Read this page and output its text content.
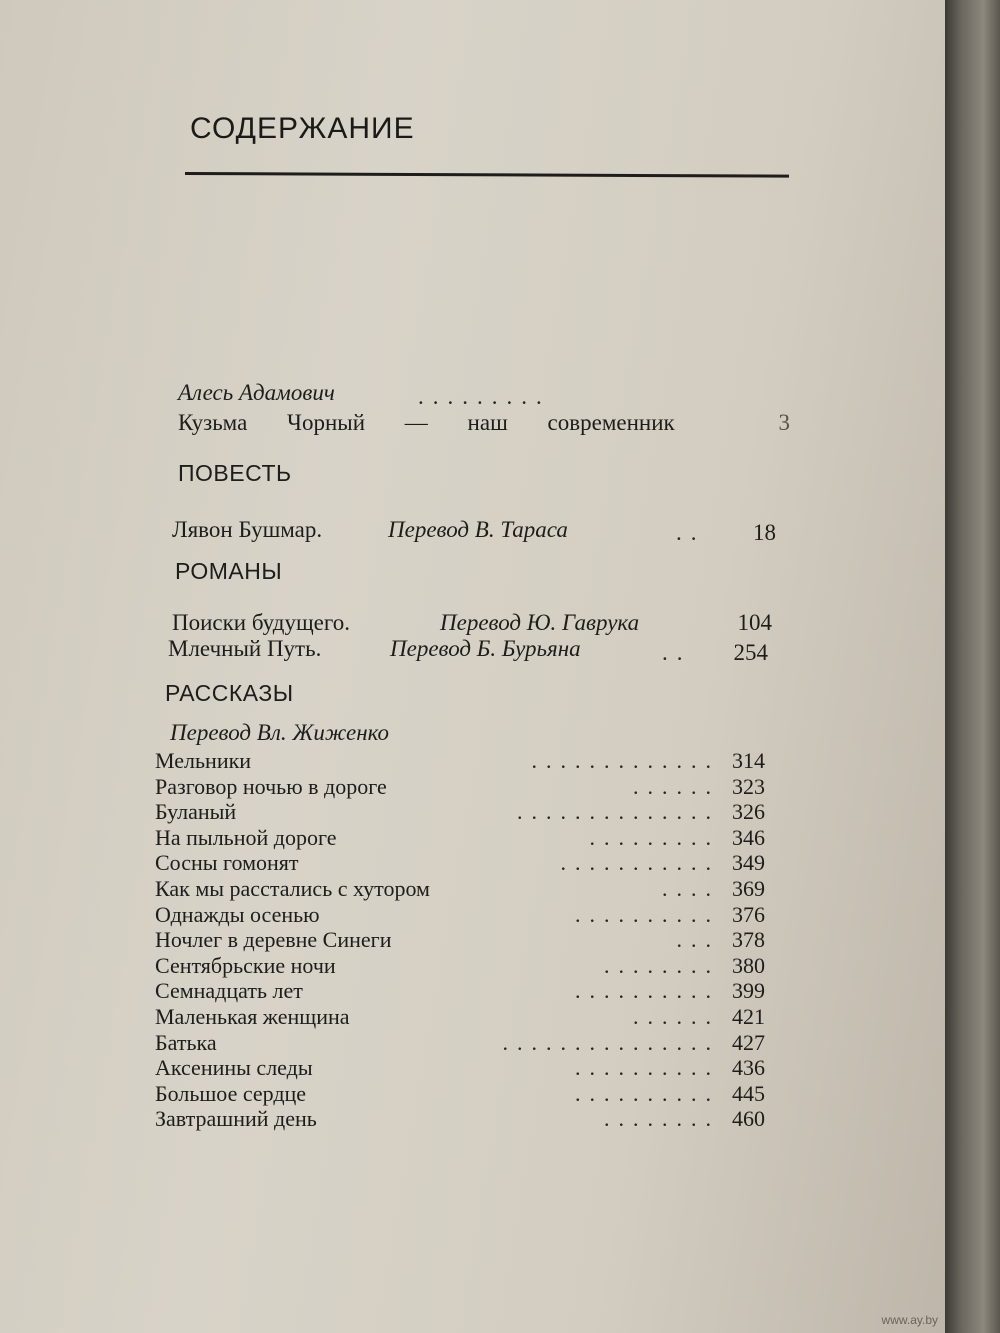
СОДЕРЖАНИЕ
Алесь Адамович	.........
Кузьма Чорный — наш современник	3
ПОВЕСТЬ
Лявон Бушмар.	Перевод В. Тараса	..	18
РОМАНЫ
Поиски будущего.	Перевод Ю. Гаврука	104
Млечный Путь.	Перевод Б. Бурьяна	..	254
РАССКАЗЫ
Перевод Вл. Жиженко
Мельники	............. 314
Разговор ночью в дороге	...... 323
Буланый	.............. 326
На пыльной дороге	......... 346
Сосны гомонят	........... 349
Как мы расстались с хутором	.... 369
Однажды осенью	.......... 376
Ночлег в деревне Синеги	... 378
Сентябрьские ночи	........ 380
Семнадцать лет	.......... 399
Маленькая женщина	...... 421
Батька	............... 427
Аксенины следы	.......... 436
Большое сердце	.......... 445
Завтрашний день	........ 460
www.ay.by
